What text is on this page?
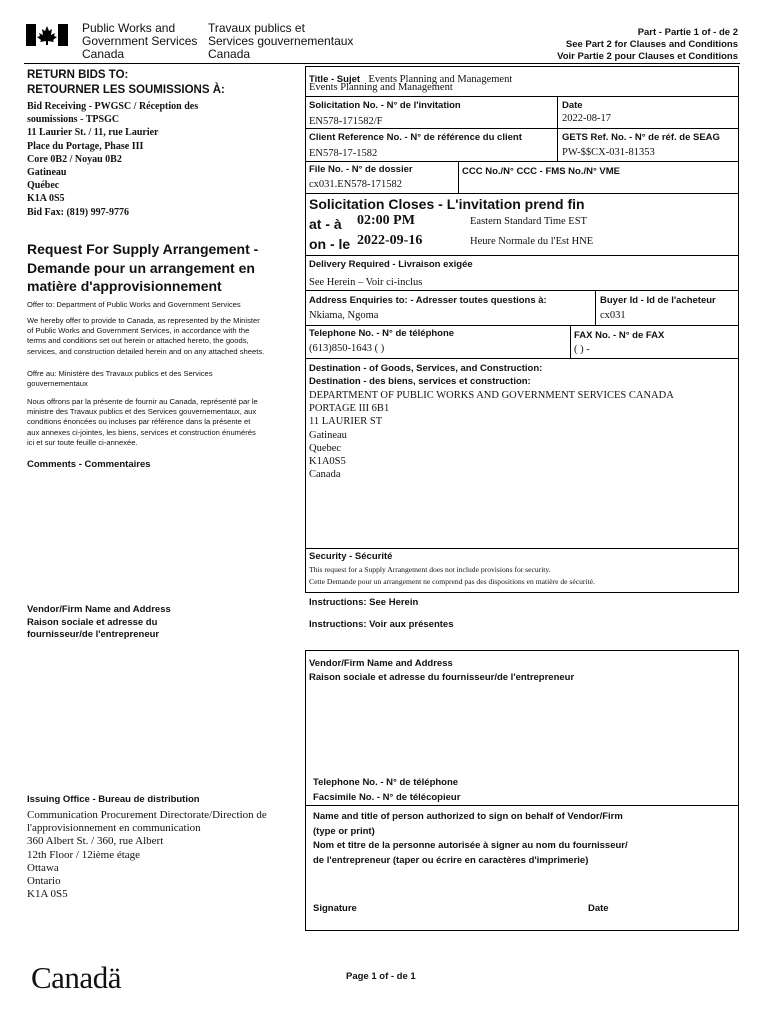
Public Works and
Government Services
Canada
Travaux publics et
Services gouvernementaux
Canada
Part - Partie 1 of - de 2
See Part 2 for Clauses and Conditions
Voir Partie 2 pour Clauses et Conditions
RETURN BIDS TO:
RETOURNER LES SOUMISSIONS À:
Bid Receiving - PWGSC / Réception des
soumissions - TPSGC
11 Laurier St. / 11, rue Laurier
Place du Portage, Phase III
Core 0B2 / Noyau 0B2
Gatineau
Québec
K1A 0S5
Bid Fax: (819) 997-9776
Request For Supply Arrangement -
Demande pour un arrangement en
matière d'approvisionnement
Offer to: Department of Public Works and Government Services
We hereby offer to provide to Canada, as represented by the Minister
of Public Works and Government Services, in accordance with the
terms and conditions set out herein or attached hereto, the goods,
services, and construction detailed herein and on any attached sheets.
Offre au: Ministère des Travaux publics et des Services
gouvernementaux
Nous offrons par la présente de fournir au Canada, représenté par le
ministre des Travaux publics et des Services gouvernementaux, aux
conditions énoncées ou incluses par référence dans la présente et
aux annexes ci-jointes, les biens, services et construction énumérés
ici et sur toute feuille ci-annexée.
Comments - Commentaires
Vendor/Firm Name and Address
Raison sociale et adresse du
fournisseur/de l'entrepreneur
Issuing Office - Bureau de distribution
Communication Procurement Directorate/Direction de
l'approvisionnement en communication
360 Albert St. / 360, rue Albert
12th Floor / 12ième étage
Ottawa
Ontario
K1A 0S5
Title - Sujet Events Planning and Management
Events Planning and Management
Solicitation No. - N° de l'invitation
EN578-171582/F
Date
2022-08-17
Client Reference No. - N° de référence du client
EN578-17-1582
GETS Ref. No. - N° de réf. de SEAG
PW-$$CX-031-81353
File No. - N° de dossier
cx031.EN578-171582
CCC No./N° CCC - FMS No./N° VME
Solicitation Closes - L'invitation prend fin
at - à 02:00 PM	Eastern Standard Time EST
on - le 2022-09-16	Heure Normale du l'Est HNE
Delivery Required - Livraison exigée
See Herein – Voir ci-inclus
Address Enquiries to: - Adresser toutes questions à:
Nkiama, Ngoma
Buyer Id - Id de l'acheteur
cx031
Telephone No. - N° de téléphone
(613)850-1643 ( )
FAX No. - N° de FAX
( ) -
Destination - of Goods, Services, and Construction:
Destination - des biens, services et construction:
DEPARTMENT OF PUBLIC WORKS AND GOVERNMENT SERVICES CANADA
PORTAGE III 6B1
11 LAURIER ST
Gatineau
Quebec
K1A0S5
Canada
Security - Sécurité
This request for a Supply Arrangement does not include provisions for security.
Cette Demande pour un arrangement ne comprend pas des dispositions en matière de sécurité.
Instructions: See Herein
Instructions: Voir aux présentes
Vendor/Firm Name and Address
Raison sociale et adresse du fournisseur/de l'entrepreneur
Telephone No. - N° de téléphone
Facsimile No. - N° de télécopieur
Name and title of person authorized to sign on behalf of Vendor/Firm
(type or print)
Nom et titre de la personne autorisée à signer au nom du fournisseur/
de l'entrepreneur (taper ou écrire en caractères d'imprimerie)
Signature	Date
Canadä	Page 1 of - de 1
